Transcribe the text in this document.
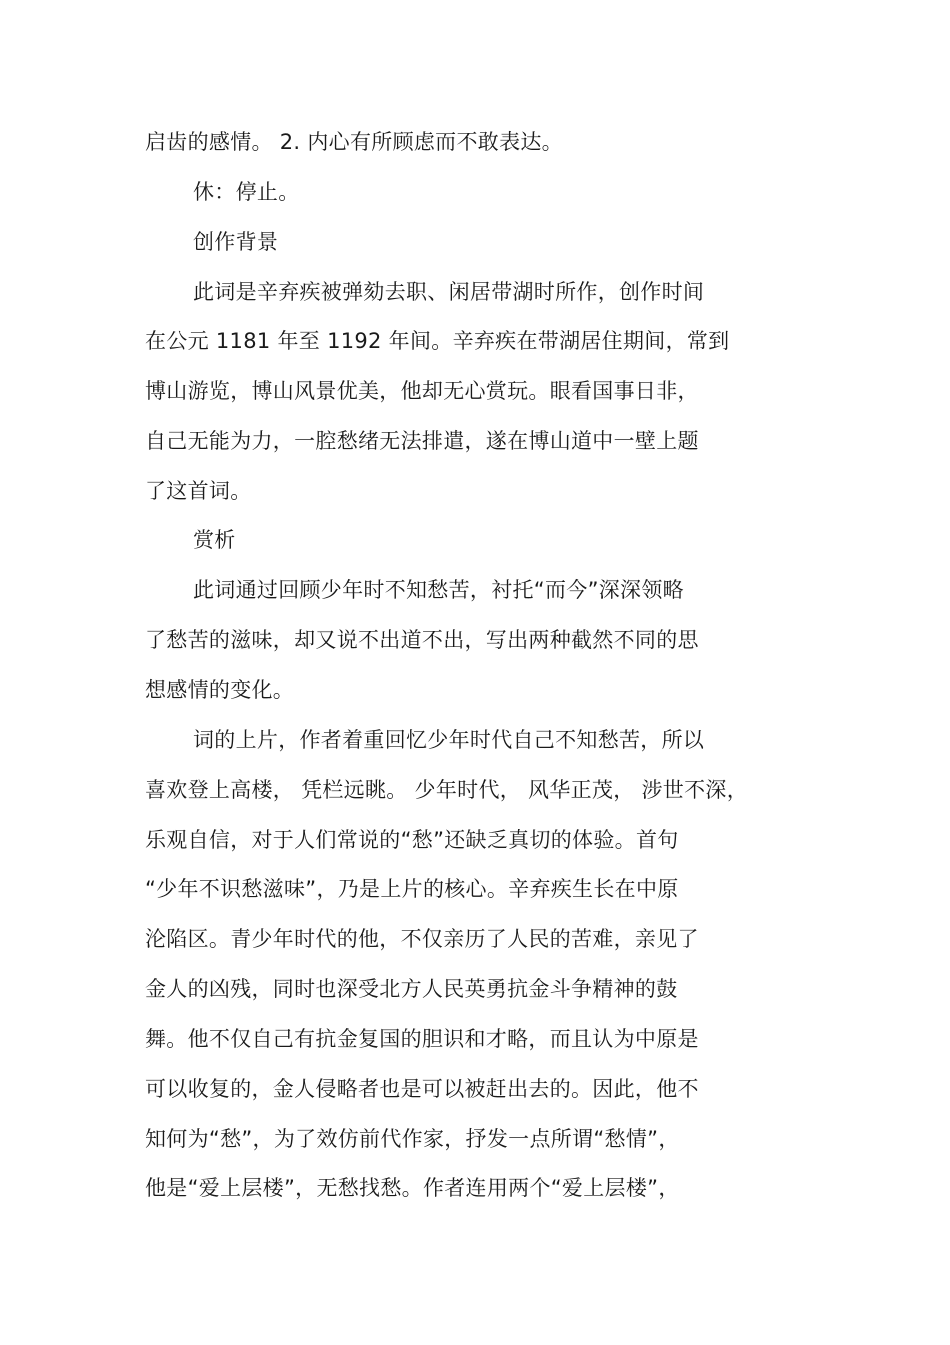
启齿的感情。 2. 内心有所顾虑而不敢表达。
休：停止。
创作背景
此词是辛弃疾被弹劾去职、闲居带湖时所作，创作时间
在公元 1181 年至 1192 年间。辛弃疾在带湖居住期间，常到
博山游览，博山风景优美，他却无心赏玩。眼看国事日非，
自己无能为力，一腔愁绪无法排遣，遂在博山道中一壁上题
了这首词。
赏析
此词通过回顾少年时不知愁苦，衬托“而今”深深领略
了愁苦的滋味，却又说不出道不出，写出两种截然不同的思
想感情的变化。
词的上片，作者着重回忆少年时代自己不知愁苦，所以
喜欢登上高楼， 凭栏远眺。 少年时代， 风华正茂， 涉世不深，
乐观自信，对于人们常说的“愁”还缺乏真切的体验。首句
“少年不识愁滋味”，乃是上片的核心。辛弃疾生长在中原
沦陷区。青少年时代的他，不仅亲历了人民的苦难，亲见了
金人的凶残，同时也深受北方人民英勇抗金斗争精神的鼓
舞。他不仅自己有抗金复国的胆识和才略，而且认为中原是
可以收复的，金人侵略者也是可以被赶出去的。因此，他不
知何为“愁”，为了效仿前代作家，抒发一点所谓“愁情”，
他是“爱上层楼”，无愁找愁。作者连用两个“爱上层楼”，
